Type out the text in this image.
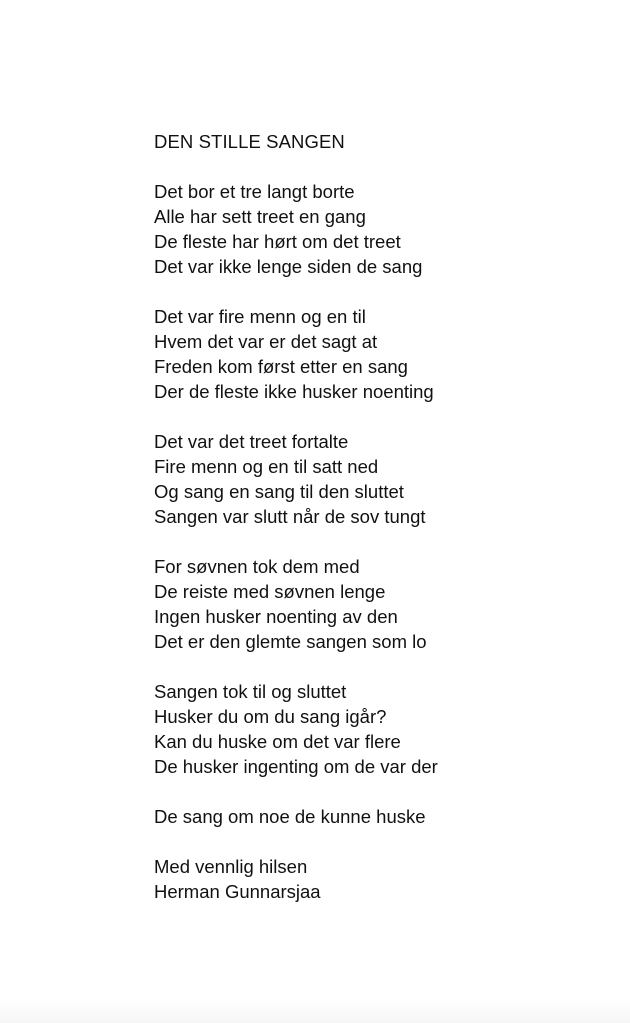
DEN STILLE SANGEN
Det bor et tre langt borte
Alle har sett treet en gang
De fleste har hørt om det treet
Det var ikke lenge siden de sang
Det var fire menn og en til
Hvem det var er det sagt at
Freden kom først etter en sang
Der de fleste ikke husker noenting
Det var det treet fortalte
Fire menn og en til satt ned
Og sang en sang til den sluttet
Sangen var slutt når de sov tungt
For søvnen tok dem med
De reiste med søvnen lenge
Ingen husker noenting av den
Det er den glemte sangen som lo
Sangen tok til og sluttet
Husker du om du sang igår?
Kan du huske om det var flere
De husker ingenting om de var der
De sang om noe de kunne huske
Med vennlig hilsen
Herman Gunnarsjaa
